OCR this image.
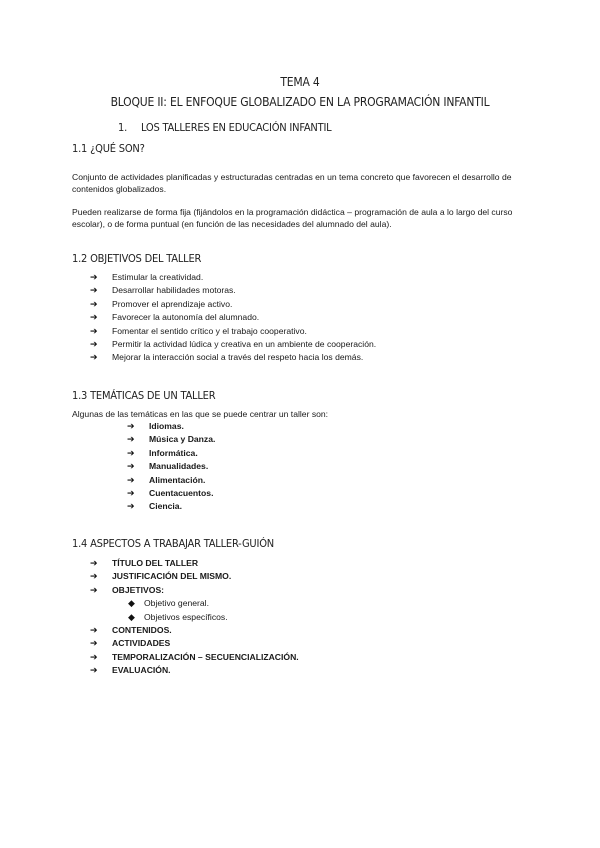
TEMA 4
BLOQUE II: EL ENFOQUE GLOBALIZADO EN LA PROGRAMACIÓN INFANTIL
1. LOS TALLERES EN EDUCACIÓN INFANTIL
1.1 ¿QUÉ SON?
Conjunto de actividades planificadas y estructuradas centradas en un tema concreto que favorecen el desarrollo de contenidos globalizados.
Pueden realizarse de forma fija (fijándolos en la programación didáctica – programación de aula a lo largo del curso escolar), o de forma puntual (en función de las necesidades del alumnado del aula).
1.2 OBJETIVOS DEL TALLER
➔ Estimular la creatividad.
➔ Desarrollar habilidades motoras.
➔ Promover el aprendizaje activo.
➔ Favorecer la autonomía del alumnado.
➔ Fomentar el sentido crítico y el trabajo cooperativo.
➔ Permitir la actividad lúdica y creativa en un ambiente de cooperación.
➔ Mejorar la interacción social a través del respeto hacia los demás.
1.3 TEMÁTICAS DE UN TALLER
Algunas de las temáticas en las que se puede centrar un taller son:
➔ Idiomas.
➔ Música y Danza.
➔ Informática.
➔ Manualidades.
➔ Alimentación.
➔ Cuentacuentos.
➔ Ciencia.
1.4 ASPECTOS A TRABAJAR TALLER-GUIÓN
➔ TÍTULO DEL TALLER
➔ JUSTIFICACIÓN DEL MISMO.
➔ OBJETIVOS:
◆ Objetivo general.
◆ Objetivos específicos.
➔ CONTENIDOS.
➔ ACTIVIDADES
➔ TEMPORALIZACIÓN – SECUENCIALIZACIÓN.
➔ EVALUACIÓN.
